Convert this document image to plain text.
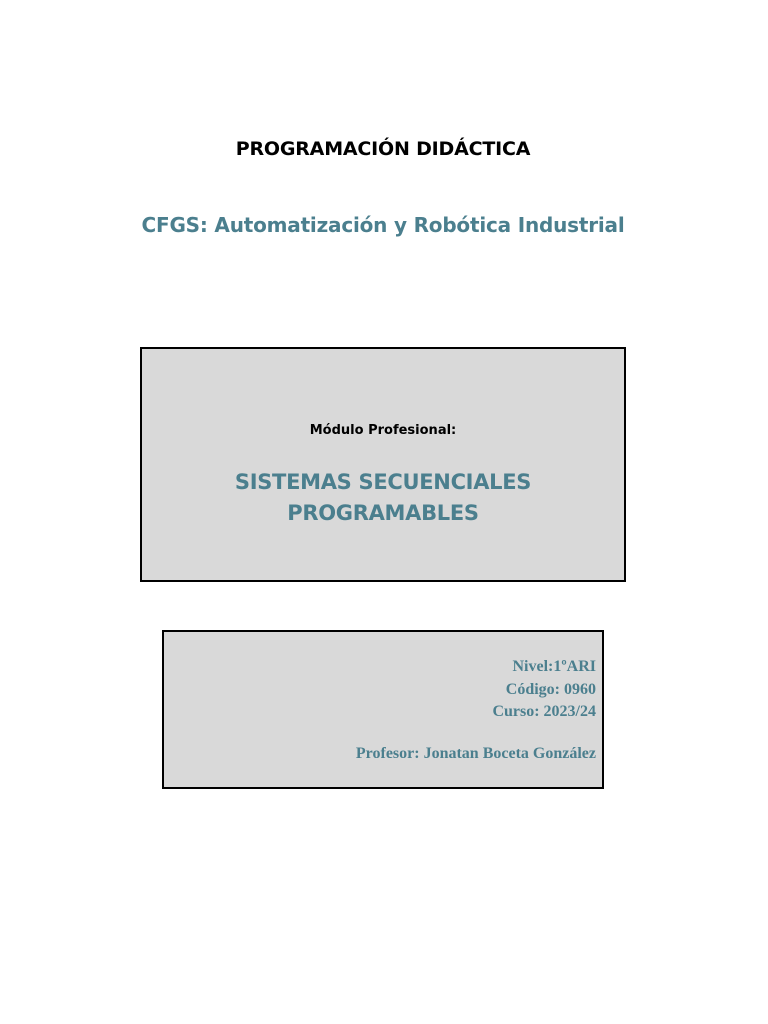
PROGRAMACIÓN DIDÁCTICA
CFGS: Automatización y Robótica Industrial
Módulo Profesional:
SISTEMAS SECUENCIALES
PROGRAMABLES
Nivel:1ºARI
Código: 0960
Curso: 2023/24
Profesor: Jonatan Boceta González
